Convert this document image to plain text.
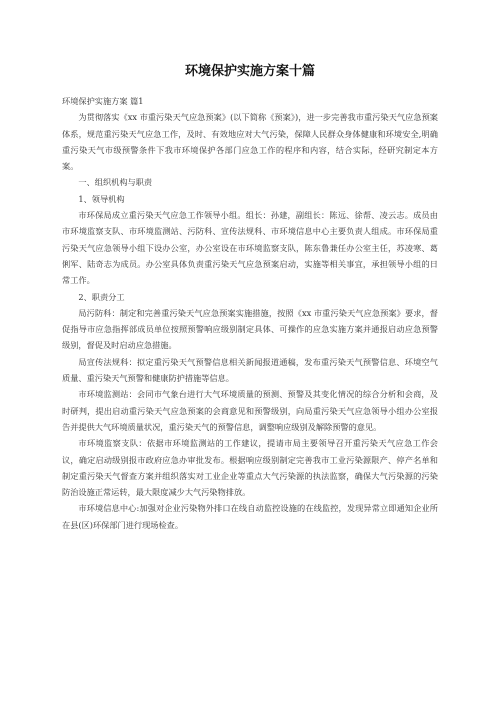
环境保护实施方案十篇

环境保护实施方案 篇1

为贯彻落实《xx 市重污染天气应急预案》(以下简称《预案》)，进一步完善我市重污染天气应急预案体系，规范重污染天气应急工作，及时、有效地应对大气污染，保障人民群众身体健康和环境安全,明确重污染天气市级预警条件下我市环境保护各部门应急工作的程序和内容，结合实际，经研究制定本方案。

一、组织机构与职责

1、领导机构

市环保局成立重污染天气应急工作领导小组。组长：孙建，副组长：陈远、徐帮、凌云志。成员由市环境监察支队、市环境监测站、污防科、宣传法规科、市环境信息中心主要负责人组成。市环保局重污染天气应急领导小组下设办公室，办公室设在市环境监察支队，陈东鲁兼任办公室主任，苏凌寒、葛俐军、陆奇志为成员。办公室具体负责重污染天气应急预案启动，实施等相关事宜，承担领导小组的日常工作。

2、职责分工

局污防科：制定和完善重污染天气应急预案实施措施，按照《xx 市重污染天气应急预案》要求，督促指导市应急指挥部成员单位按照预警响应级别制定具体、可操作的应急实施方案并通报启动应急预警级别，督促及时启动应急措施。

局宣传法规科：拟定重污染天气预警信息相关新闻报道通稿，发布重污染天气预警信息、环境空气质量、重污染天气预警和健康防护措施等信息。

市环境监测站：会同市气象台进行大气环境质量的预测、预警及其变化情况的综合分析和会商，及时研判，提出启动重污染天气应急预案的会商意见和预警级别，向局重污染天气应急领导小组办公室报告并提供大气环境质量状况，重污染天气的预警信息，调整响应级别及解除预警的意见。

市环境监察支队：依据市环境监测站的工作建议，提请市局主要领导召开重污染天气应急工作会议，确定启动级别报市政府应急办审批发布。根据响应级别制定完善我市工业污染源限产、停产名单和制定重污染天气督查方案并组织落实对工业企业等重点大气污染源的执法监察，确保大气污染源的污染防治设施正常运转，最大限度减少大气污染物排放。

市环境信息中心:加强对企业污染物外排口在线自动监控设施的在线监控，发现异常立即通知企业所在县(区)环保部门进行现场检查。
